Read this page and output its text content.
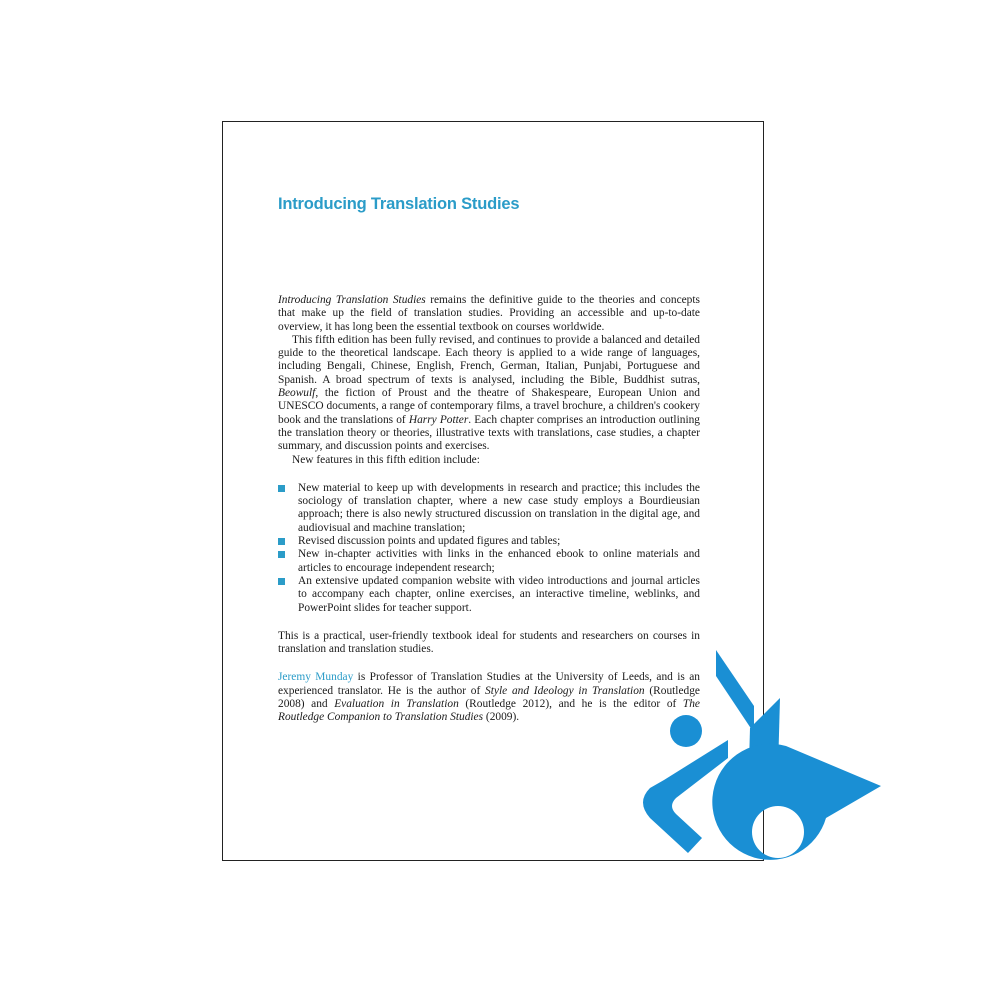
Introducing Translation Studies

Introducing Translation Studies remains the definitive guide to the theories and concepts that make up the field of translation studies. Providing an accessible and up-to-date overview, it has long been the essential textbook on courses worldwide.

This fifth edition has been fully revised, and continues to provide a balanced and detailed guide to the theoretical landscape. Each theory is applied to a wide range of languages, including Bengali, Chinese, English, French, German, Italian, Punjabi, Portuguese and Spanish. A broad spectrum of texts is analysed, including the Bible, Buddhist sutras, Beowulf, the fiction of Proust and the theatre of Shakespeare, European Union and UNESCO documents, a range of contemporary films, a travel brochure, a children's cookery book and the translations of Harry Potter. Each chapter comprises an introduction outlining the translation theory or theories, illustrative texts with translations, case studies, a chapter summary, and discussion points and exercises.

New features in this fifth edition include:

New material to keep up with developments in research and practice; this includes the sociology of translation chapter, where a new case study employs a Bourdieusian approach; there is also newly structured discussion on translation in the digital age, and audiovisual and machine translation;
Revised discussion points and updated figures and tables;
New in-chapter activities with links in the enhanced ebook to online materials and articles to encourage independent research;
An extensive updated companion website with video introductions and journal articles to accompany each chapter, online exercises, an interactive timeline, weblinks, and PowerPoint slides for teacher support.

This is a practical, user-friendly textbook ideal for students and researchers on courses in translation and translation studies.

Jeremy Munday is Professor of Translation Studies at the University of Leeds, and is an experienced translator. He is the author of Style and Ideology in Translation (Routledge 2008) and Evaluation in Translation (Routledge 2012), and he is the editor of The Routledge Companion to Translation Studies (2009).
